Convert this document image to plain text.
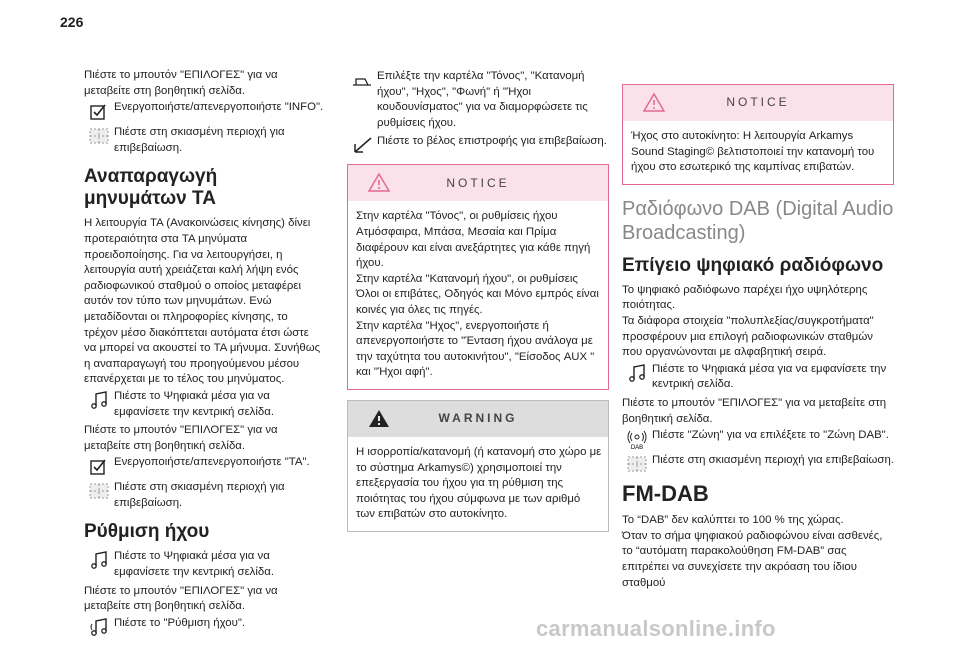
226

Πιέστε το μπουτόν "ΕΠΙΛΟΓΕΣ" για να μεταβείτε στη βοηθητική σελίδα.

Ενεργοποιήστε/απενεργοποιήστε "INFO".

Πιέστε στη σκιασμένη περιοχή για επιβεβαίωση.

Αναπαραγωγή μηνυμάτων TA

Η λειτουργία TA (Ανακοινώσεις κίνησης) δίνει προτεραιότητα στα TA μηνύματα προειδοποίησης. Για να λειτουργήσει, η λειτουργία αυτή χρειάζεται καλή λήψη ενός ραδιοφωνικού σταθμού ο οποίος μεταφέρει αυτόν τον τύπο των μηνυμάτων. Ενώ μεταδίδονται οι πληροφορίες κίνησης, το τρέχον μέσο διακόπτεται αυτόματα έτσι ώστε να μπορεί να ακουστεί το TA μήνυμα. Συνήθως η αναπαραγωγή του προηγούμενου μέσου επανέρχεται με το τέλος του μηνύματος.

Πιέστε το Ψηφιακά μέσα για να εμφανίσετε την κεντρική σελίδα.

Πιέστε το μπουτόν "ΕΠΙΛΟΓΕΣ" για να μεταβείτε στη βοηθητική σελίδα.

Ενεργοποιήστε/απενεργοποιήστε "TA".

Πιέστε στη σκιασμένη περιοχή για επιβεβαίωση.

Ρύθμιση ήχου

Πιέστε το Ψηφιακά μέσα για να εμφανίσετε την κεντρική σελίδα.

Πιέστε το μπουτόν "ΕΠΙΛΟΓΕΣ" για να μεταβείτε στη βοηθητική σελίδα.

Πιέστε το "Ρύθμιση ήχου".

Επιλέξτε την καρτέλα "Τόνος", "Κατανομή ήχου", "Ηχος", "Φωνή" ή "Ήχοι κουδουνίσματος" για να διαμορφώσετε τις ρυθμίσεις ήχου.

Πιέστε το βέλος επιστροφής για επιβεβαίωση.

NOTICE

Στην καρτέλα "Τόνος", οι ρυθμίσεις ήχου Ατμόσφαιρα, Μπάσα, Μεσαία και Πρίμα διαφέρουν και είναι ανεξάρτητες για κάθε πηγή ήχου.
Στην καρτέλα "Κατανομή ήχου", οι ρυθμίσεις Όλοι οι επιβάτες, Οδηγός και Μόνο εμπρός είναι κοινές για όλες τις πηγές.
Στην καρτέλα "Ηχος", ενεργοποιήστε ή απενεργοποιήστε το "Ένταση ήχου ανάλογα με την ταχύτητα του αυτοκινήτου", "Είσοδος AUX " και "Ήχοι αφή".

WARNING

Η ισορροπία/κατανομή (ή κατανομή στο χώρο με το σύστημα Arkamys©) χρησιμοποιεί την επεξεργασία του ήχου για τη ρύθμιση της ποιότητας του ήχου σύμφωνα με των αριθμό των επιβατών στο αυτοκίνητο.

NOTICE

Ήχος στο αυτοκίνητο: Η λειτουργία Arkamys Sound Staging© βελτιστοποιεί την κατανομή του ήχου στο εσωτερικό της καμπίνας επιβατών.

Ραδιόφωνο DAB (Digital Audio Broadcasting)
Επίγειο ψηφιακό ραδιόφωνο

Το ψηφιακό ραδιόφωνο παρέχει ήχο υψηλότερης ποιότητας.
Τα διάφορα στοιχεία "πολυπλεξίας/συγκροτήματα" προσφέρουν μια επιλογή ραδιοφωνικών σταθμών που οργανώνονται με αλφαβητική σειρά.

Πιέστε το Ψηφιακά μέσα για να εμφανίσετε την κεντρική σελίδα.

Πιέστε το μπουτόν "ΕΠΙΛΟΓΕΣ" για να μεταβείτε στη βοηθητική σελίδα.

DAB

Πιέστε "Ζώνη" για να επιλέξετε το "Ζώνη DAB".

Πιέστε στη σκιασμένη περιοχή για επιβεβαίωση.

FM-DAB

Το “DAB” δεν καλύπτει το 100 % της χώρας.
Όταν το σήμα ψηφιακού ραδιοφώνου είναι ασθενές, το “αυτόματη παρακολούθηση FM-DAB” σας επιτρέπει να συνεχίσετε την ακρόαση του ίδιου σταθμού

carmanualsonline.info
